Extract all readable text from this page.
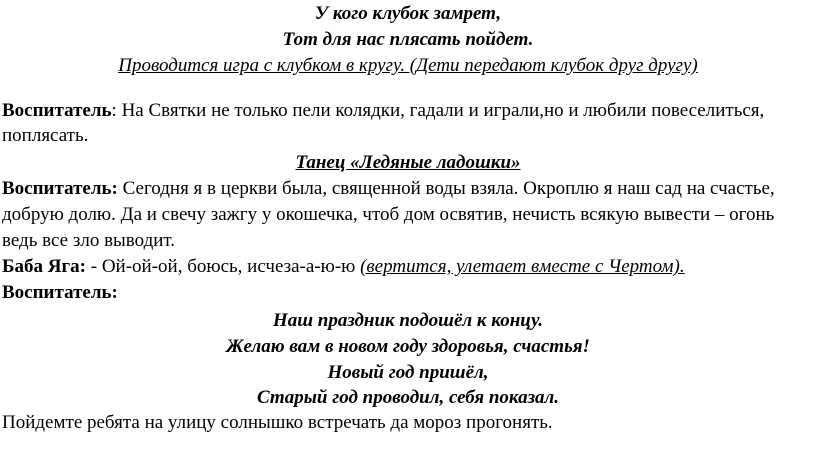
У кого клубок замрет,
Тот для нас плясать пойдет.
Проводится игра с клубком в кругу. (Дети передают клубок друг другу)
Воспитатель: На Святки не только пели колядки, гадали и играли,но и любили повеселиться,
поплясать.
Танец «Ледяные ладошки»
Воспитатель: Сегодня я в церкви была, священной воды взяла. Окроплю я наш сад на счастье,
добрую долю. Да и свечу зажгу у окошечка, чтоб дом освятив, нечисть всякую вывести – огонь
ведь все зло выводит.
Баба Яга: - Ой-ой-ой, боюсь, исчеза-а-ю-ю (вертится, улетает вместе с Чертом).
Воспитатель:
Наш праздник подошёл к концу.
Желаю вам в новом году здоровья, счастья!
Новый год пришёл,
Старый год проводил, себя показал.
Пойдемте ребята на улицу солнышко встречать да мороз прогонять.
